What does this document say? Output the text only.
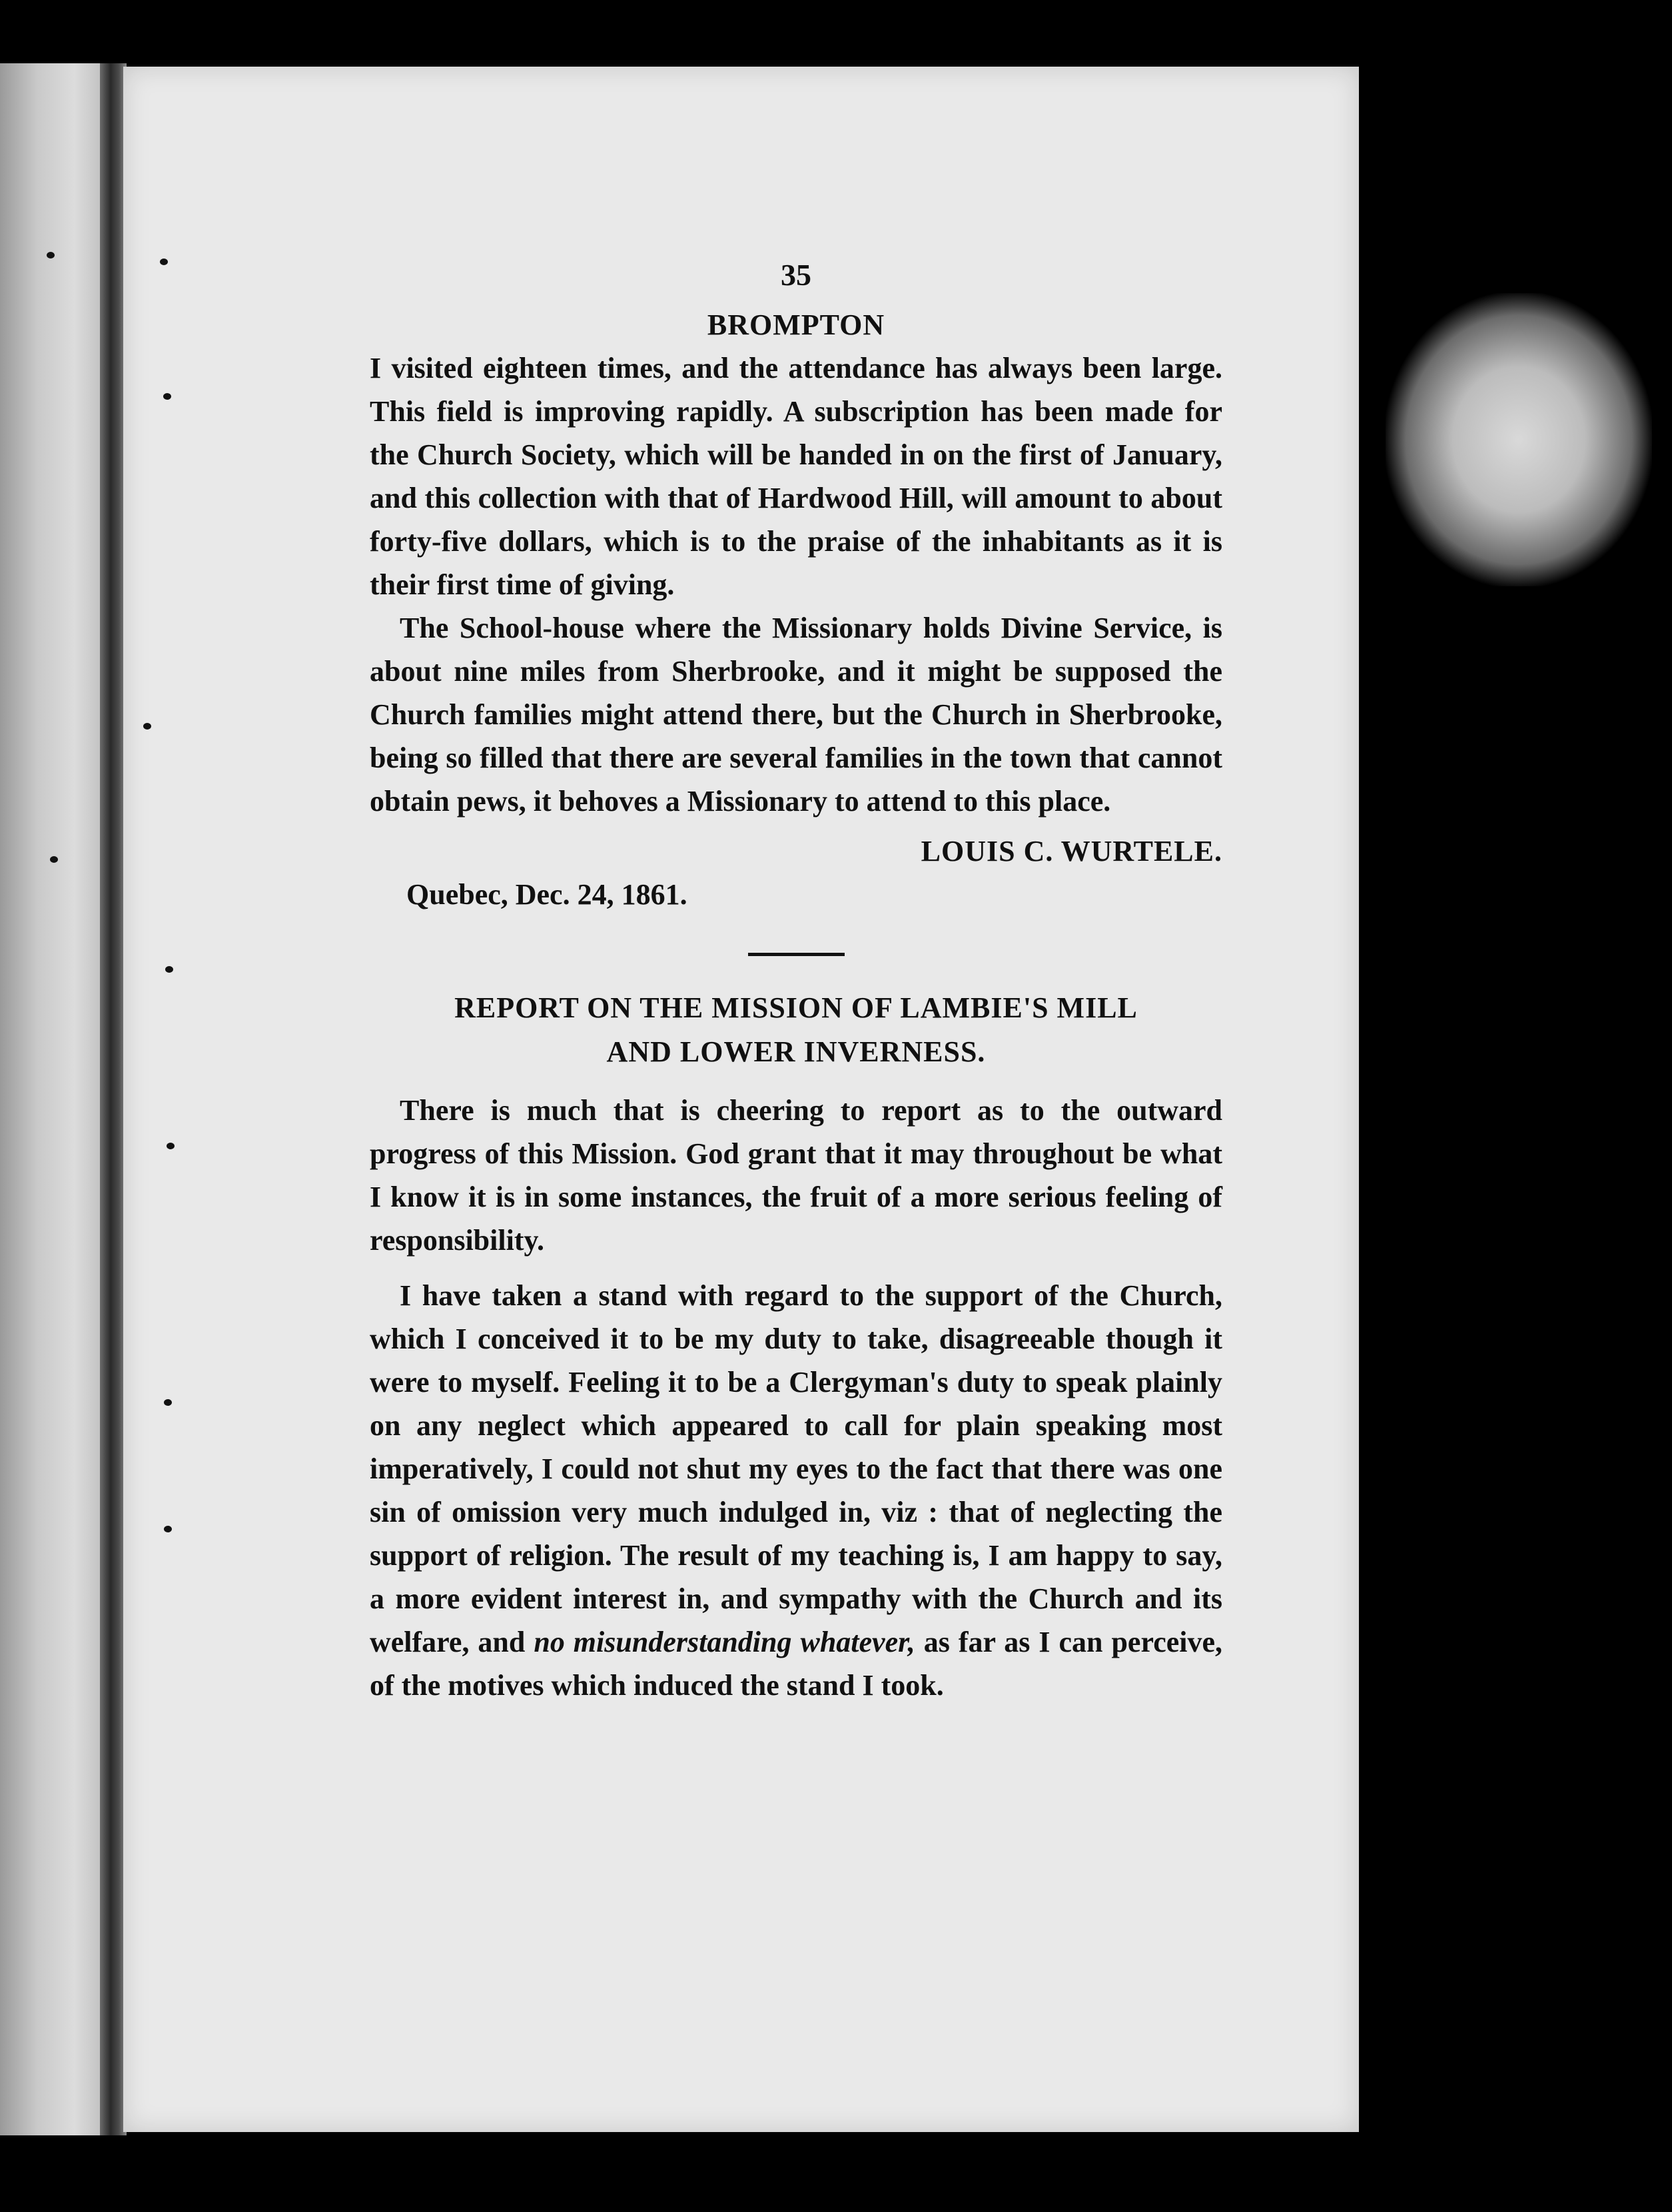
35
BROMPTON

I visited eighteen times, and the attendance has always been large. This field is improving rapidly. A subscription has been made for the Church Society, which will be handed in on the first of January, and this collection with that of Hardwood Hill, will amount to about forty-five dollars, which is to the praise of the inhabitants as it is their first time of giving.

The School-house where the Missionary holds Divine Service, is about nine miles from Sherbrooke, and it might be supposed the Church families might attend there, but the Church in Sherbrooke, being so filled that there are several families in the town that cannot obtain pews, it behoves a Missionary to attend to this place.

LOUIS C. WURTELE.

Quebec, Dec. 24, 1861.

REPORT ON THE MISSION OF LAMBIE'S MILL
AND LOWER INVERNESS.

There is much that is cheering to report as to the outward progress of this Mission. God grant that it may throughout be what I know it is in some instances, the fruit of a more serious feeling of responsibility.

I have taken a stand with regard to the support of the Church, which I conceived it to be my duty to take, disagreeable though it were to myself. Feeling it to be a Clergyman's duty to speak plainly on any neglect which appeared to call for plain speaking most imperatively, I could not shut my eyes to the fact that there was one sin of omission very much indulged in, viz : that of neglecting the support of religion. The result of my teaching is, I am happy to say, a more evident interest in, and sympathy with the Church and its welfare, and no misunderstanding whatever, as far as I can perceive, of the motives which induced the stand I took.
